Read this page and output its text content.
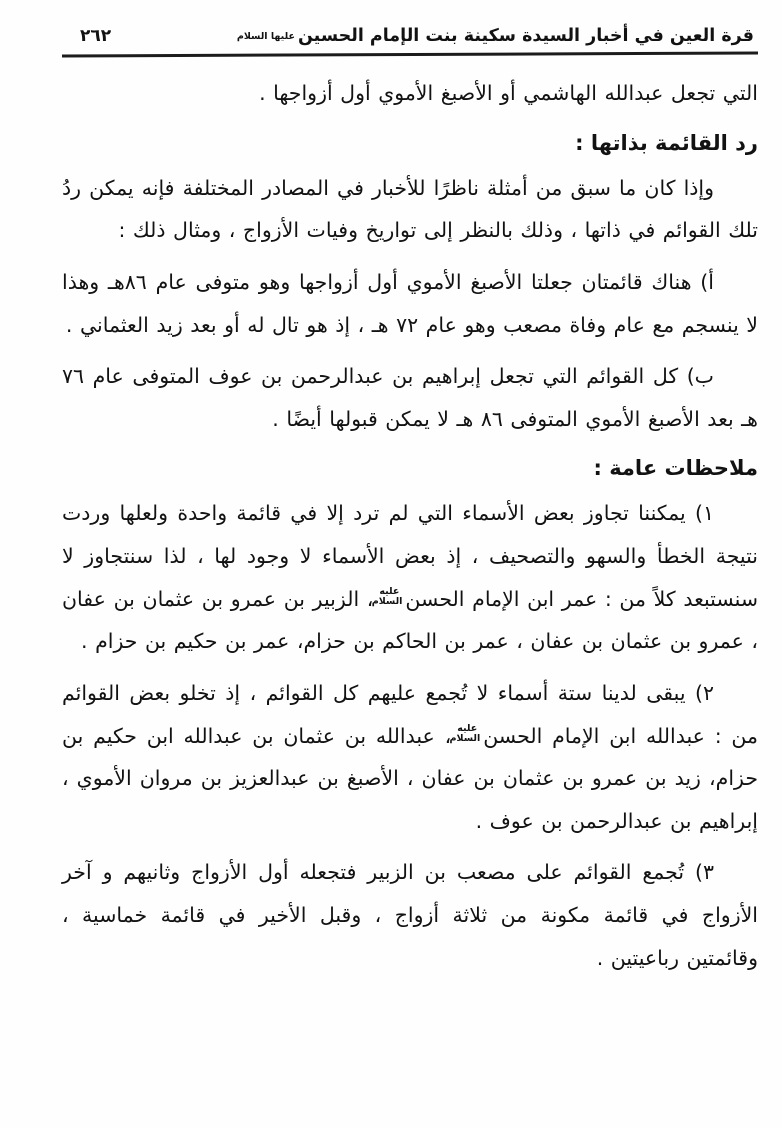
قرة العين في أخبار السيدة سكينة بنت الإمام الحسينعليها السلام
٢٦٢

التي تجعل عبدالله الهاشمي أو الأصبغ الأموي أول أزواجها .

رد القائمة بذاتها :

وإذا كان ما سبق من أمثلة ناظرًا للأخبار في المصادر المختلفة فإنه يمكن ردُ تلك القوائم في ذاتها ، وذلك بالنظر إلى تواريخ وفيات الأزواج ، ومثال ذلك :

أ) هناك قائمتان جعلتا الأصبغ الأموي أول أزواجها وهو متوفى عام ٨٦هـ وهذا لا ينسجم مع عام وفاة مصعب وهو عام ٧٢ هـ ، إذ هو تال له أو بعد زيد العثماني .

ب) كل القوائم التي تجعل إبراهيم بن عبدالرحمن بن عوف المتوفى عام ٧٦ هـ بعد الأصبغ الأموي المتوفى ٨٦ هـ لا يمكن قبولها أيضًا .

ملاحظات عامة :

١) يمكننا تجاوز بعض الأسماء التي لم ترد إلا في قائمة واحدة ولعلها وردت نتيجة الخطأ والسهو والتصحيف ، إذ بعض الأسماء لا وجود لها ، لذا سنتجاوز لا سنستبعد كلاً من : عمر ابن الإمام الحسنعليه السلام، الزبير بن عمرو بن عثمان بن عفان ، عمرو بن عثمان بن عفان ، عمر بن الحاكم بن حزام، عمر بن حكيم بن حزام .

٢) يبقى لدينا ستة أسماء لا تُجمع عليهم كل القوائم ، إذ تخلو بعض القوائم من : عبدالله ابن الإمام الحسنعليه السلام، عبدالله بن عثمان بن عبدالله ابن حكيم بن حزام، زيد بن عمرو بن عثمان بن عفان ، الأصبغ بن عبدالعزيز بن مروان الأموي ، إبراهيم بن عبدالرحمن بن عوف .

٣) تُجمع القوائم على مصعب بن الزبير فتجعله أول الأزواج وثانيهم و آخر الأزواج في قائمة مكونة من ثلاثة أزواج ، وقبل الأخير في قائمة خماسية ، وقائمتين رباعيتين .
